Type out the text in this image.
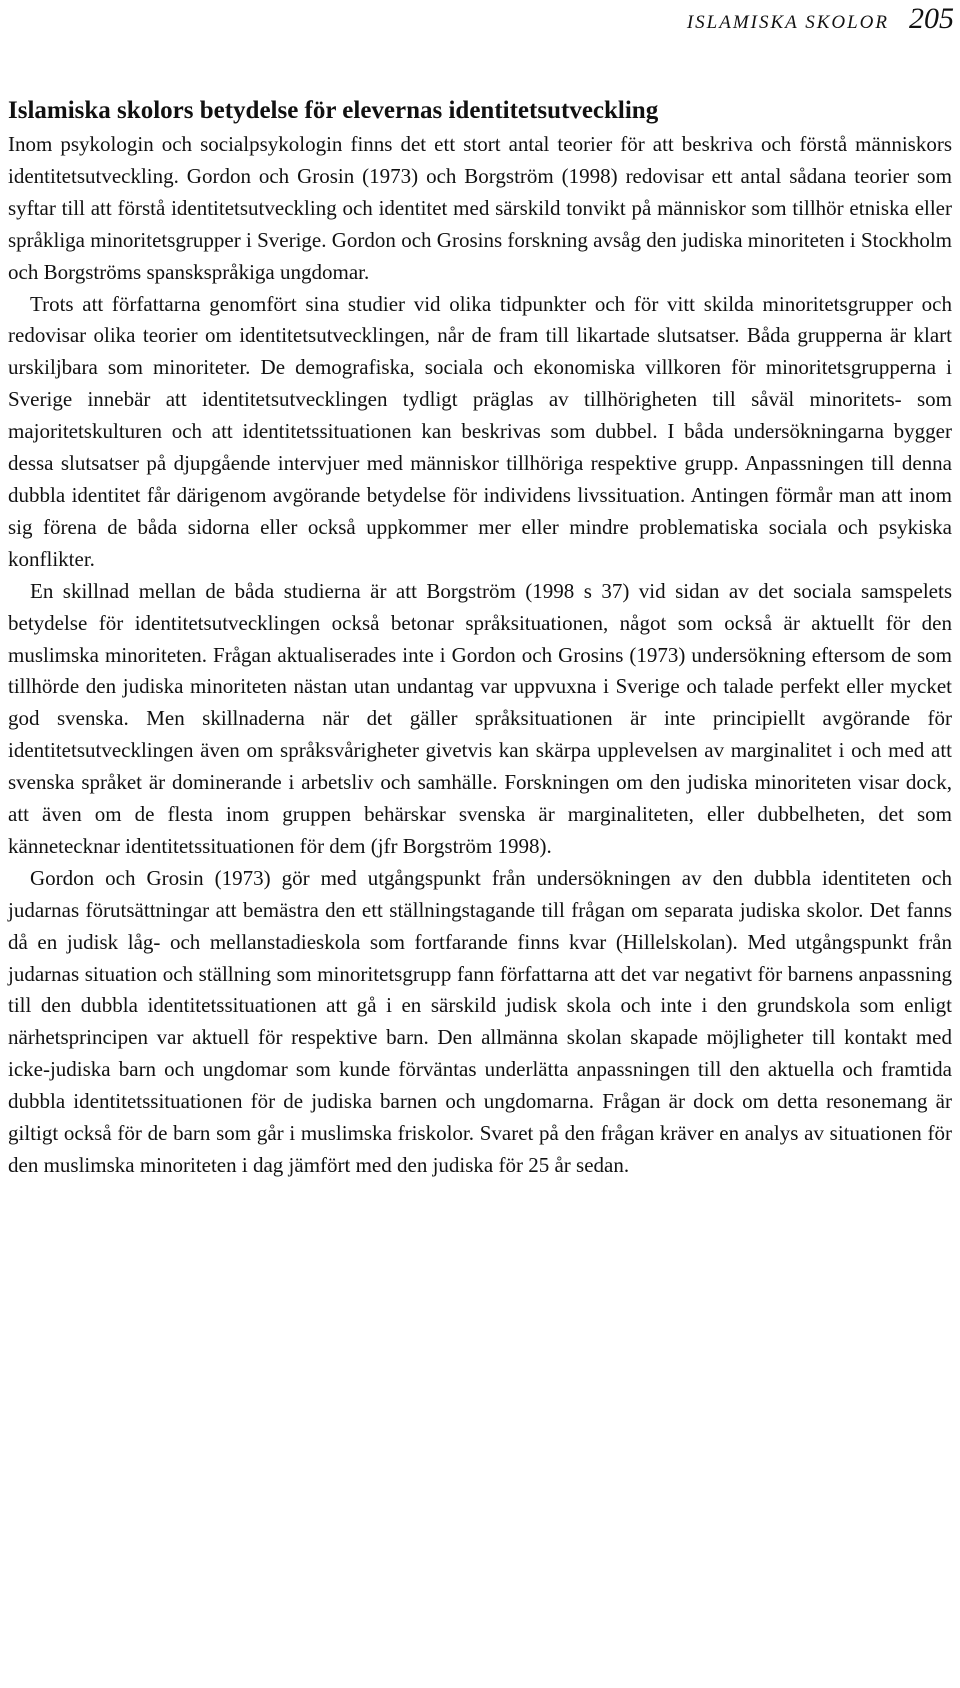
ISLAMISKA SKOLOR 205
Islamiska skolors betydelse för elevernas identitetsutveckling

Inom psykologin och socialpsykologin finns det ett stort antal teorier för att beskriva och förstå människors identitetsutveckling. Gordon och Grosin (1973) och Borgström (1998) redovisar ett antal sådana teorier som syftar till att förstå identitetsutveckling och identitet med särskild tonvikt på människor som tillhör etniska eller språkliga minoritetsgrupper i Sverige. Gordon och Grosins forskning avsåg den judiska minoriteten i Stockholm och Borgströms spanskspråkiga ungdomar.

Trots att författarna genomfört sina studier vid olika tidpunkter och för vitt skilda minoritetsgrupper och redovisar olika teorier om identitetsutvecklingen, når de fram till likartade slutsatser. Båda grupperna är klart urskiljbara som minoriteter. De demografiska, sociala och ekonomiska villkoren för minoritetsgrupperna i Sverige innebär att identitetsutvecklingen tydligt präglas av tillhörigheten till såväl minoritets- som majoritetskulturen och att identitetssituationen kan beskrivas som dubbel. I båda undersökningarna bygger dessa slutsatser på djupgående intervjuer med människor tillhöriga respektive grupp. Anpassningen till denna dubbla identitet får därigenom avgörande betydelse för individens livssituation. Antingen förmår man att inom sig förena de båda sidorna eller också uppkommer mer eller mindre problematiska sociala och psykiska konflikter.

En skillnad mellan de båda studierna är att Borgström (1998 s 37) vid sidan av det sociala samspelets betydelse för identitetsutvecklingen också betonar språksituationen, något som också är aktuellt för den muslimska minoriteten. Frågan aktualiserades inte i Gordon och Grosins (1973) undersökning eftersom de som tillhörde den judiska minoriteten nästan utan undantag var uppvuxna i Sverige och talade perfekt eller mycket god svenska. Men skillnaderna när det gäller språksituationen är inte principiellt avgörande för identitetsutvecklingen även om språksvårigheter givetvis kan skärpa upplevelsen av marginalitet i och med att svenska språket är dominerande i arbetsliv och samhälle. Forskningen om den judiska minoriteten visar dock, att även om de flesta inom gruppen behärskar svenska är marginaliteten, eller dubbelheten, det som kännetecknar identitetssituationen för dem (jfr Borgström 1998).

Gordon och Grosin (1973) gör med utgångspunkt från undersökningen av den dubbla identiteten och judarnas förutsättningar att bemästra den ett ställningstagande till frågan om separata judiska skolor. Det fanns då en judisk låg- och mellanstadieskola som fortfarande finns kvar (Hillelskolan). Med utgångspunkt från judarnas situation och ställning som minoritetsgrupp fann författarna att det var negativt för barnens anpassning till den dubbla identitetssituationen att gå i en särskild judisk skola och inte i den grundskola som enligt närhetsprincipen var aktuell för respektive barn. Den allmänna skolan skapade möjligheter till kontakt med icke-judiska barn och ungdomar som kunde förväntas underlätta anpassningen till den aktuella och framtida dubbla identitetssituationen för de judiska barnen och ungdomarna. Frågan är dock om detta resonemang är giltigt också för de barn som går i muslimska friskolor. Svaret på den frågan kräver en analys av situationen för den muslimska minoriteten i dag jämfört med den judiska för 25 år sedan.
